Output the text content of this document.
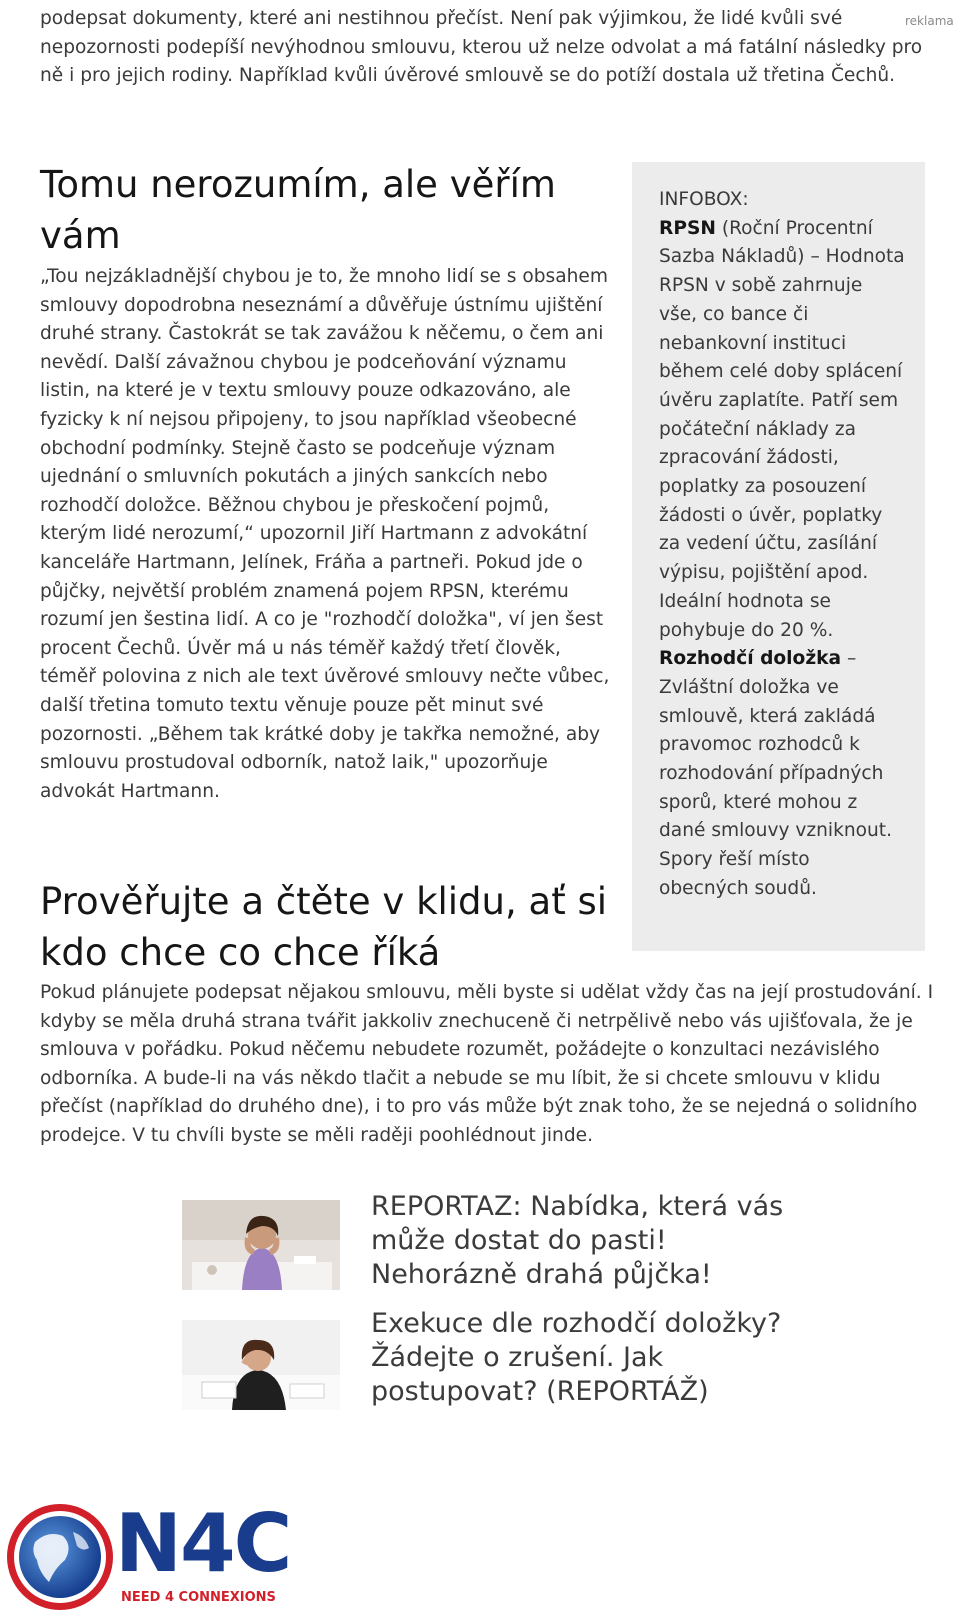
reklama

podepsat dokumenty, které ani nestihnou přečíst. Není pak výjimkou, že lidé kvůli své nepozornosti podepíší nevýhodnou smlouvu, kterou už nelze odvolat a má fatální následky pro ně i pro jejich rodiny. Například kvůli úvěrové smlouvě se do potíží dostala už třetina Čechů.

Tomu nerozumím, ale věřím vám

„Tou nejzákladnější chybou je to, že mnoho lidí se s obsahem smlouvy dopodrobna neseznámí a důvěřuje ústnímu ujištění druhé strany. Častokrát se tak zavážou k něčemu, o čem ani nevědí. Další závažnou chybou je podceňování významu listin, na které je v textu smlouvy pouze odkazováno, ale fyzicky k ní nejsou připojeny, to jsou například všeobecné obchodní podmínky. Stejně často se podceňuje význam ujednání o smluvních pokutách a jiných sankcích nebo rozhodčí doložce. Běžnou chybou je přeskočení pojmů, kterým lidé nerozumí,“ upozornil Jiří Hartmann z advokátní kanceláře Hartmann, Jelínek, Fráňa a partneři. Pokud jde o půjčky, největší problém znamená pojem RPSN, kterému rozumí jen šestina lidí. A co je "rozhodčí doložka", ví jen šest procent Čechů. Úvěr má u nás téměř každý třetí člověk, téměř polovina z nich ale text úvěrové smlouvy nečte vůbec, další třetina tomuto textu věnuje pouze pět minut své pozornosti. „Během tak krátké doby je takřka nemožné, aby smlouvu prostudoval odborník, natož laik," upozorňuje advokát Hartmann.

INFOBOX:

RPSN (Roční Procentní Sazba Nákladů) – Hodnota RPSN v sobě zahrnuje vše, co bance či nebankovní instituci během celé doby splácení úvěru zaplatíte. Patří sem počáteční náklady za zpracování žádosti, poplatky za posouzení žádosti o úvěr, poplatky za vedení účtu, zasílání výpisu, pojištění apod. Ideální hodnota se pohybuje do 20 %.

Rozhodčí doložka – Zvláštní doložka ve smlouvě, která zakládá pravomoc rozhodců k rozhodování případných sporů, které mohou z dané smlouvy vzniknout. Spory řeší místo obecných soudů.

Prověřujte a čtěte v klidu, ať si kdo chce co chce říká

Pokud plánujete podepsat nějakou smlouvu, měli byste si udělat vždy čas na její prostudování. I kdyby se měla druhá strana tvářit jakkoliv znechuceně či netrpělivě nebo vás ujišťovala, že je smlouva v pořádku. Pokud něčemu nebudete rozumět, požádejte o konzultaci nezávislého odborníka. A bude-li na vás někdo tlačit a nebude se mu líbit, že si chcete smlouvu v klidu přečíst (například do druhého dne), i to pro vás může být znak toho, že se nejedná o solidního prodejce. V tu chvíli byste se měli raději poohlédnout jinde.

REPORTAZ: Nabídka, která vás může dostat do pasti! Nehorázně drahá půjčka!

Exekuce dle rozhodčí doložky? Žádejte o zrušení. Jak postupovat? (REPORTÁŽ)

N4C
NEED 4 CONNEXIONS
